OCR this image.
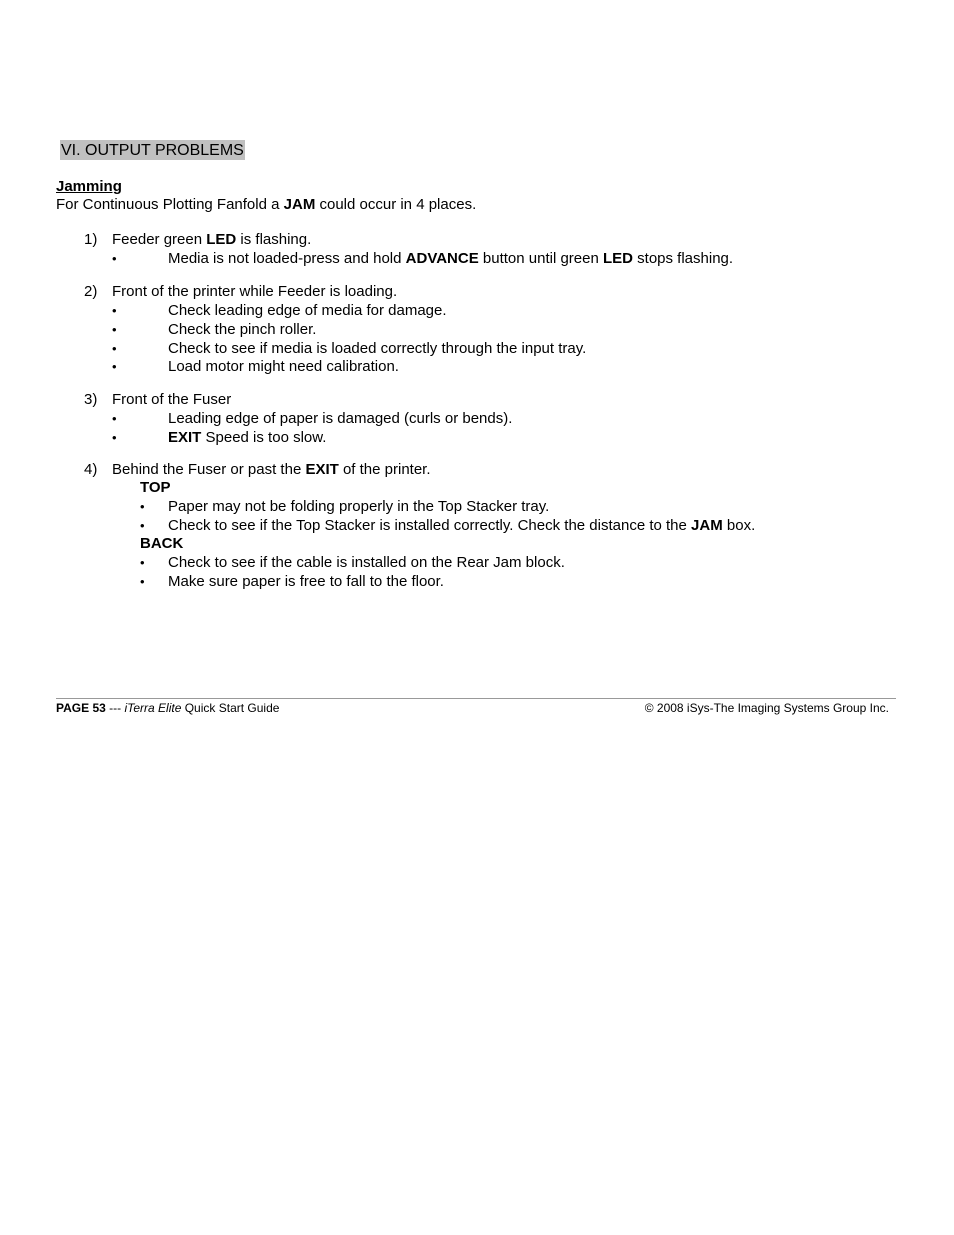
VI. OUTPUT PROBLEMS
Jamming
For Continuous Plotting Fanfold a JAM could occur in 4 places.
1) Feeder green LED is flashing.
•	Media is not loaded-press and hold ADVANCE button until green LED stops flashing.
2) Front of the printer while Feeder is loading.
•	Check leading edge of media for damage.
•	Check the pinch roller.
•	Check to see if media is loaded correctly through the input tray.
•	Load motor might need calibration.
3) Front of the Fuser
•	Leading edge of paper is damaged (curls or bends).
•	EXIT Speed is too slow.
4) Behind the Fuser or past the EXIT of the printer.
TOP
• Paper may not be folding properly in the Top Stacker tray.
• Check to see if the Top Stacker is installed correctly. Check the distance to the JAM box.
BACK
• Check to see if the cable is installed on the Rear Jam block.
• Make sure paper is free to fall to the floor.
PAGE 53 --- iTerra Elite Quick Start Guide	© 2008 iSys-The Imaging Systems Group Inc.
